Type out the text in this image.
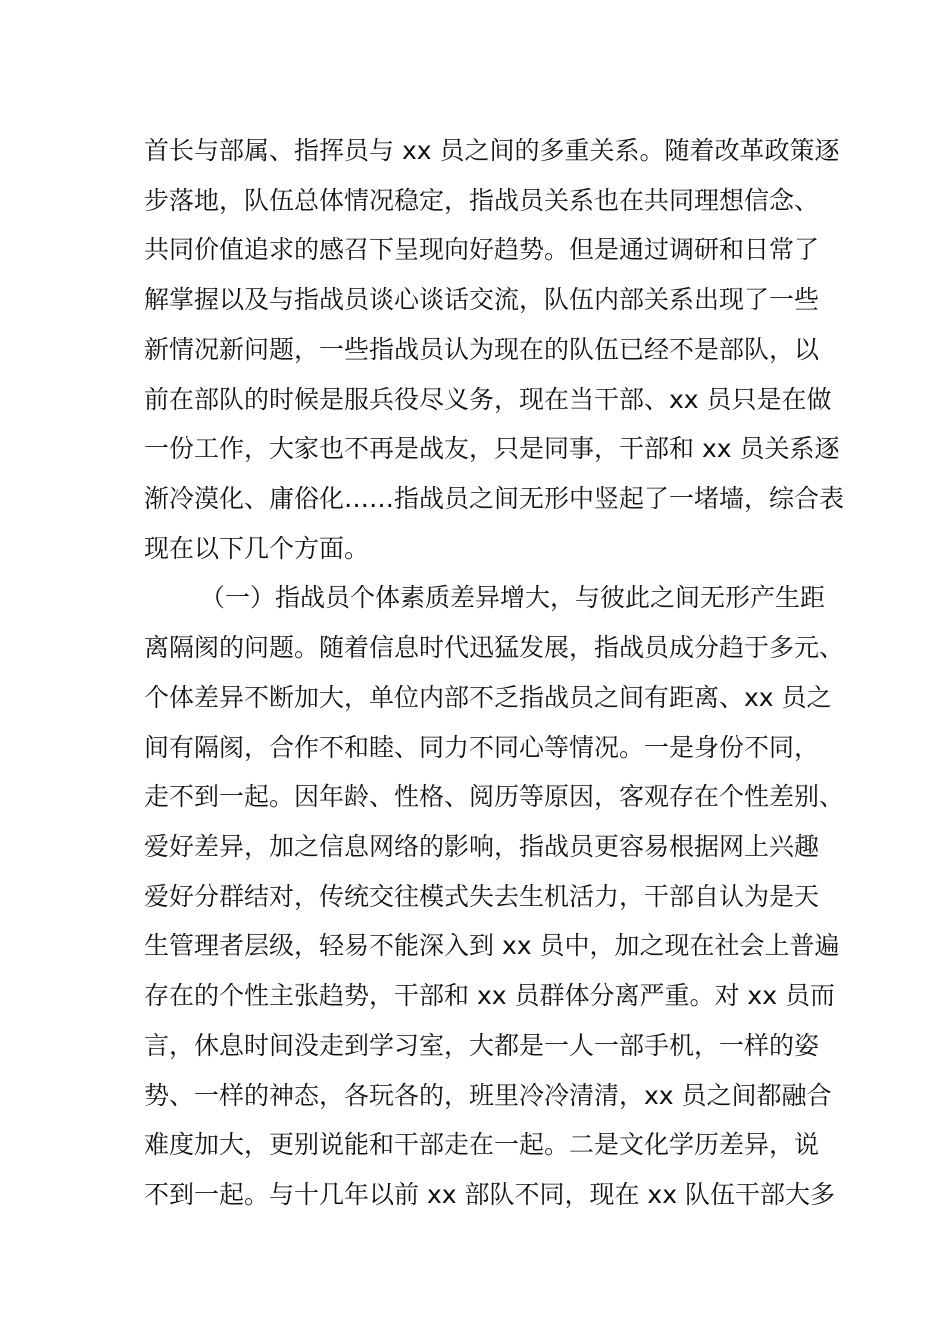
首长与部属、指挥员与 xx 员之间的多重关系。随着改革政策逐
步落地，队伍总体情况稳定，指战员关系也在共同理想信念、
共同价值追求的感召下呈现向好趋势。但是通过调研和日常了
解掌握以及与指战员谈心谈话交流，队伍内部关系出现了一些
新情况新问题，一些指战员认为现在的队伍已经不是部队，以
前在部队的时候是服兵役尽义务，现在当干部、xx 员只是在做
一份工作，大家也不再是战友，只是同事，干部和 xx 员关系逐
渐冷漠化、庸俗化……指战员之间无形中竖起了一堵墙，综合表
现在以下几个方面。
（一）指战员个体素质差异增大，与彼此之间无形产生距
离隔阂的问题。随着信息时代迅猛发展，指战员成分趋于多元、
个体差异不断加大，单位内部不乏指战员之间有距离、xx 员之
间有隔阂，合作不和睦、同力不同心等情况。一是身份不同，
走不到一起。因年龄、性格、阅历等原因，客观存在个性差别、
爱好差异，加之信息网络的影响，指战员更容易根据网上兴趣
爱好分群结对，传统交往模式失去生机活力，干部自认为是天
生管理者层级，轻易不能深入到 xx 员中，加之现在社会上普遍
存在的个性主张趋势，干部和 xx 员群体分离严重。对 xx 员而
言，休息时间没走到学习室，大都是一人一部手机，一样的姿
势、一样的神态，各玩各的，班里冷冷清清，xx 员之间都融合
难度加大，更别说能和干部走在一起。二是文化学历差异，说
不到一起。与十几年以前 xx 部队不同，现在 xx 队伍干部大多
